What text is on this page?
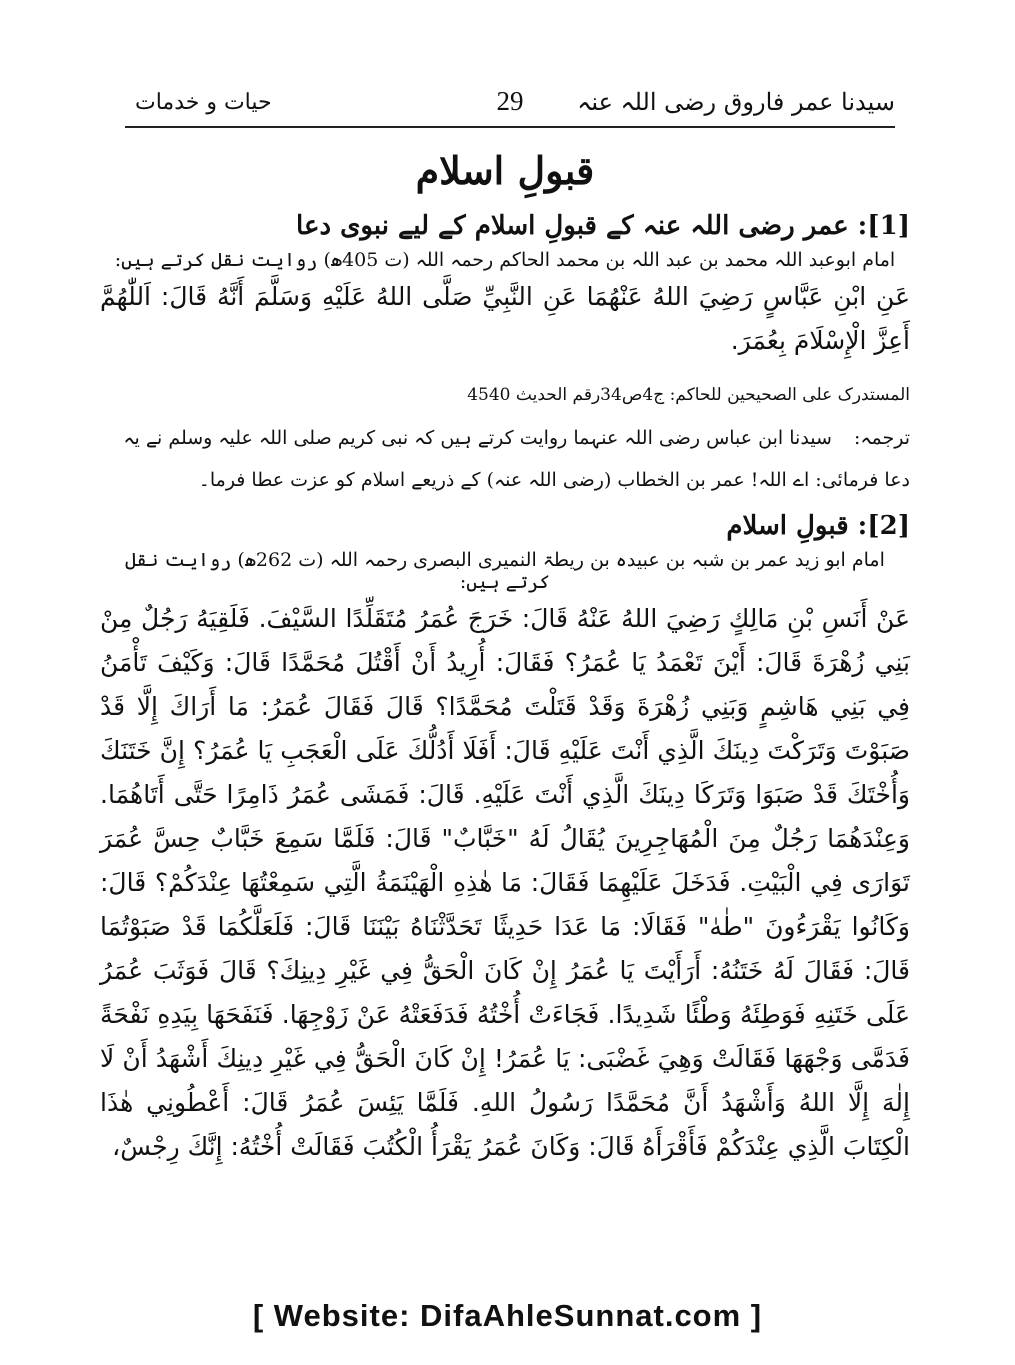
سیدنا عمر فاروق رضی اللہ عنہ
29
حیات و خدمات
قبولِ اسلام
[1]: عمر رضی اللہ عنہ کے قبولِ اسلام کے لیے نبوی دعا
امام ابوعبد اللہ محمد بن عبد اللہ بن محمد الحاکم رحمہ اللہ (ت 405ھ) روایت نقل کرتے ہیں:
عَنِ ابْنِ عَبَّاسٍ رَضِيَ اللهُ عَنْهُمَا عَنِ النَّبِيِّ صَلَّى اللهُ عَلَيْهِ وَسَلَّمَ أَنَّهُ قَالَ: اَللّٰهُمَّ أَعِزَّ الْإِسْلَامَ بِعُمَرَ.
المستدرک علی الصحیحین للحاکم: ج4ص34رقم الحدیث 4540
ترجمہ:سیدنا ابن عباس رضی اللہ عنہما روایت کرتے ہیں کہ نبی کریم صلی اللہ علیہ وسلم نے یہ دعا فرمائی: اے اللہ! عمر بن الخطاب (رضی اللہ عنہ) کے ذریعے اسلام کو عزت عطا فرما۔
[2]: قبولِ اسلام
امام ابو زید عمر بن شبہ بن عبیدہ بن ریطۃ النمیری البصری رحمہ اللہ (ت 262ھ) روایت نقل کرتے ہیں:
عَنْ أَنَسِ بْنِ مَالِكٍ رَضِيَ اللهُ عَنْهُ قَالَ: خَرَجَ عُمَرُ مُتَقَلِّدًا السَّيْفَ. فَلَقِيَهُ رَجُلٌ مِنْ بَنِي زُهْرَةَ قَالَ: أَيْنَ تَعْمَدُ يَا عُمَرُ؟ فَقَالَ: أُرِيدُ أَنْ أَقْتُلَ مُحَمَّدًا قَالَ: وَكَيْفَ تَأْمَنُ فِي بَنِي هَاشِمٍ وَبَنِي زُهْرَةَ وَقَدْ قَتَلْتَ مُحَمَّدًا؟ قَالَ فَقَالَ عُمَرُ: مَا أَرَاكَ إِلَّا قَدْ صَبَوْتَ وَتَرَكْتَ دِينَكَ الَّذِي أَنْتَ عَلَيْهِ قَالَ: أَفَلَا أَدُلُّكَ عَلَى الْعَجَبِ يَا عُمَرُ؟ إِنَّ خَتَنَكَ وَأُخْتَكَ قَدْ صَبَوَا وَتَرَكَا دِينَكَ الَّذِي أَنْتَ عَلَيْهِ. قَالَ: فَمَشَى عُمَرُ ذَامِرًا حَتَّى أَتَاهُمَا. وَعِنْدَهُمَا رَجُلٌ مِنَ الْمُهَاجِرِينَ يُقَالُ لَهُ "خَبَّابٌ" قَالَ: فَلَمَّا سَمِعَ خَبَّابٌ حِسَّ عُمَرَ تَوَارَى فِي الْبَيْتِ. فَدَخَلَ عَلَيْهِمَا فَقَالَ: مَا هٰذِهِ الْهَيْنَمَةُ الَّتِي سَمِعْتُهَا عِنْدَكُمْ؟ قَالَ: وَكَانُوا يَقْرَءُونَ "طٰهٰ" فَقَالَا: مَا عَدَا حَدِيثًا تَحَدَّثْنَاهُ بَيْنَنَا قَالَ: فَلَعَلَّكُمَا قَدْ صَبَوْتُمَا قَالَ: فَقَالَ لَهُ خَتَنُهُ: أَرَأَيْتَ يَا عُمَرُ إِنْ كَانَ الْحَقُّ فِي غَيْرِ دِينِكَ؟ قَالَ فَوَثَبَ عُمَرُ عَلَى خَتَنِهِ فَوَطِئَهُ وَطْئًا شَدِيدًا. فَجَاءَتْ أُخْتُهُ فَدَفَعَتْهُ عَنْ زَوْجِهَا. فَنَفَحَهَا بِيَدِهِ نَفْحَةً فَدَمَّى وَجْهَهَا فَقَالَتْ وَهِيَ غَضْبَى: يَا عُمَرُ! إِنْ كَانَ الْحَقُّ فِي غَيْرِ دِينِكَ أَشْهَدُ أَنْ لَا إِلٰهَ إِلَّا اللهُ وَأَشْهَدُ أَنَّ مُحَمَّدًا رَسُولُ اللهِ. فَلَمَّا يَئِسَ عُمَرُ قَالَ: أَعْطُونِي هٰذَا الْكِتَابَ الَّذِي عِنْدَكُمْ فَأَقْرَأَهُ قَالَ: وَكَانَ عُمَرُ يَقْرَأُ الْكُتُبَ فَقَالَتْ أُخْتُهُ: إِنَّكَ رِجْسٌ،
[ Website: DifaAhleSunnat.com ]
